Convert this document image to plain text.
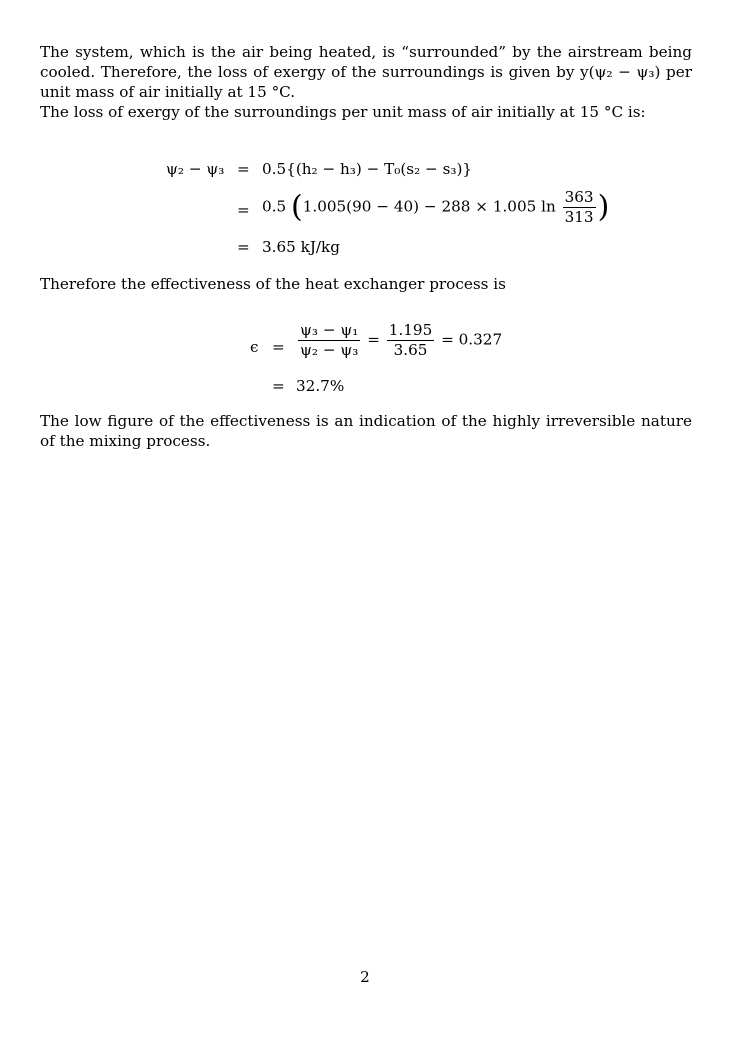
The system, which is the air being heated, is “surrounded” by the airstream being cooled. Therefore, the loss of exergy of the surroundings is given by y(ψ₂ − ψ₃) per unit mass of air initially at 15 °C.

The loss of exergy of the surroundings per unit mass of air initially at 15 °C is:

ψ₂ − ψ₃ = 0.5{(h₂ − h₃) − T₀(s₂ − s₃)}
= 0.5 (1.005(90 − 40) − 288 × 1.005 $\ln \frac{363}{313}$ )
= 3.65 kJ/kg
Therefore the effectiveness of the heat exchanger process is
$\epsilon = \frac{\text{ψ₃ − ψ₁}}{\text{ψ₂ − ψ₃}} = \frac{1.195}{3.65} = 0.327$
= 32.7%
The low figure of the effectiveness is an indication of the highly irreversible nature of the mixing process.
2
